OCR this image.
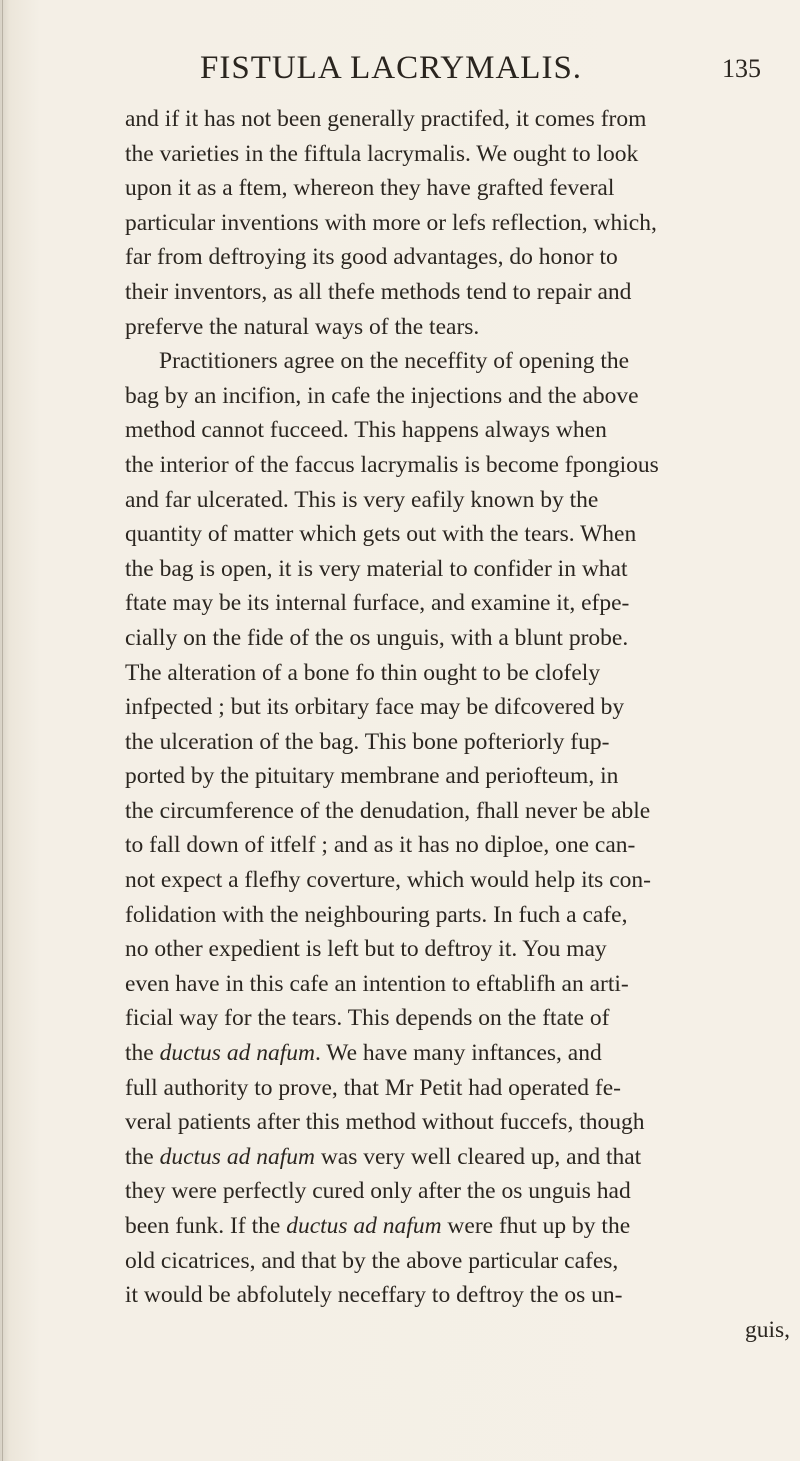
FISTULA LACRYMALIS.	135
and if it has not been generally practifed, it comes from
the varieties in the fiftula lacrymalis. We ought to look
upon it as a ftem, whereon they have grafted feveral
particular inventions with more or lefs reflection, which,
far from deftroying its good advantages, do honor to
their inventors, as all thefe methods tend to repair and
preferve the natural ways of the tears.
Practitioners agree on the neceffity of opening the
bag by an incifion, in cafe the injections and the above
method cannot fucceed. This happens always when
the interior of the faccus lacrymalis is become fpongious
and far ulcerated. This is very eafily known by the
quantity of matter which gets out with the tears. When
the bag is open, it is very material to confider in what
ftate may be its internal furface, and examine it, efpe-
cially on the fide of the os unguis, with a blunt probe.
The alteration of a bone fo thin ought to be clofely
infpected ; but its orbitary face may be difcovered by
the ulceration of the bag. This bone pofteriorly fup-
ported by the pituitary membrane and periofteum, in
the circumference of the denudation, fhall never be able
to fall down of itfelf ; and as it has no diploe, one can-
not expect a flefhy coverture, which would help its con-
folidation with the neighbouring parts. In fuch a cafe,
no other expedient is left but to deftroy it. You may
even have in this cafe an intention to eftablifh an arti-
ficial way for the tears. This depends on the ftate of
the ductus ad nafum. We have many inftances, and
full authority to prove, that Mr Petit had operated fe-
veral patients after this method without fuccefs, though
the ductus ad nafum was very well cleared up, and that
they were perfectly cured only after the os unguis had
been funk. If the ductus ad nafum were fhut up by the
old cicatrices, and that by the above particular cafes,
it would be abfolutely neceffary to deftroy the os un-
guis,
